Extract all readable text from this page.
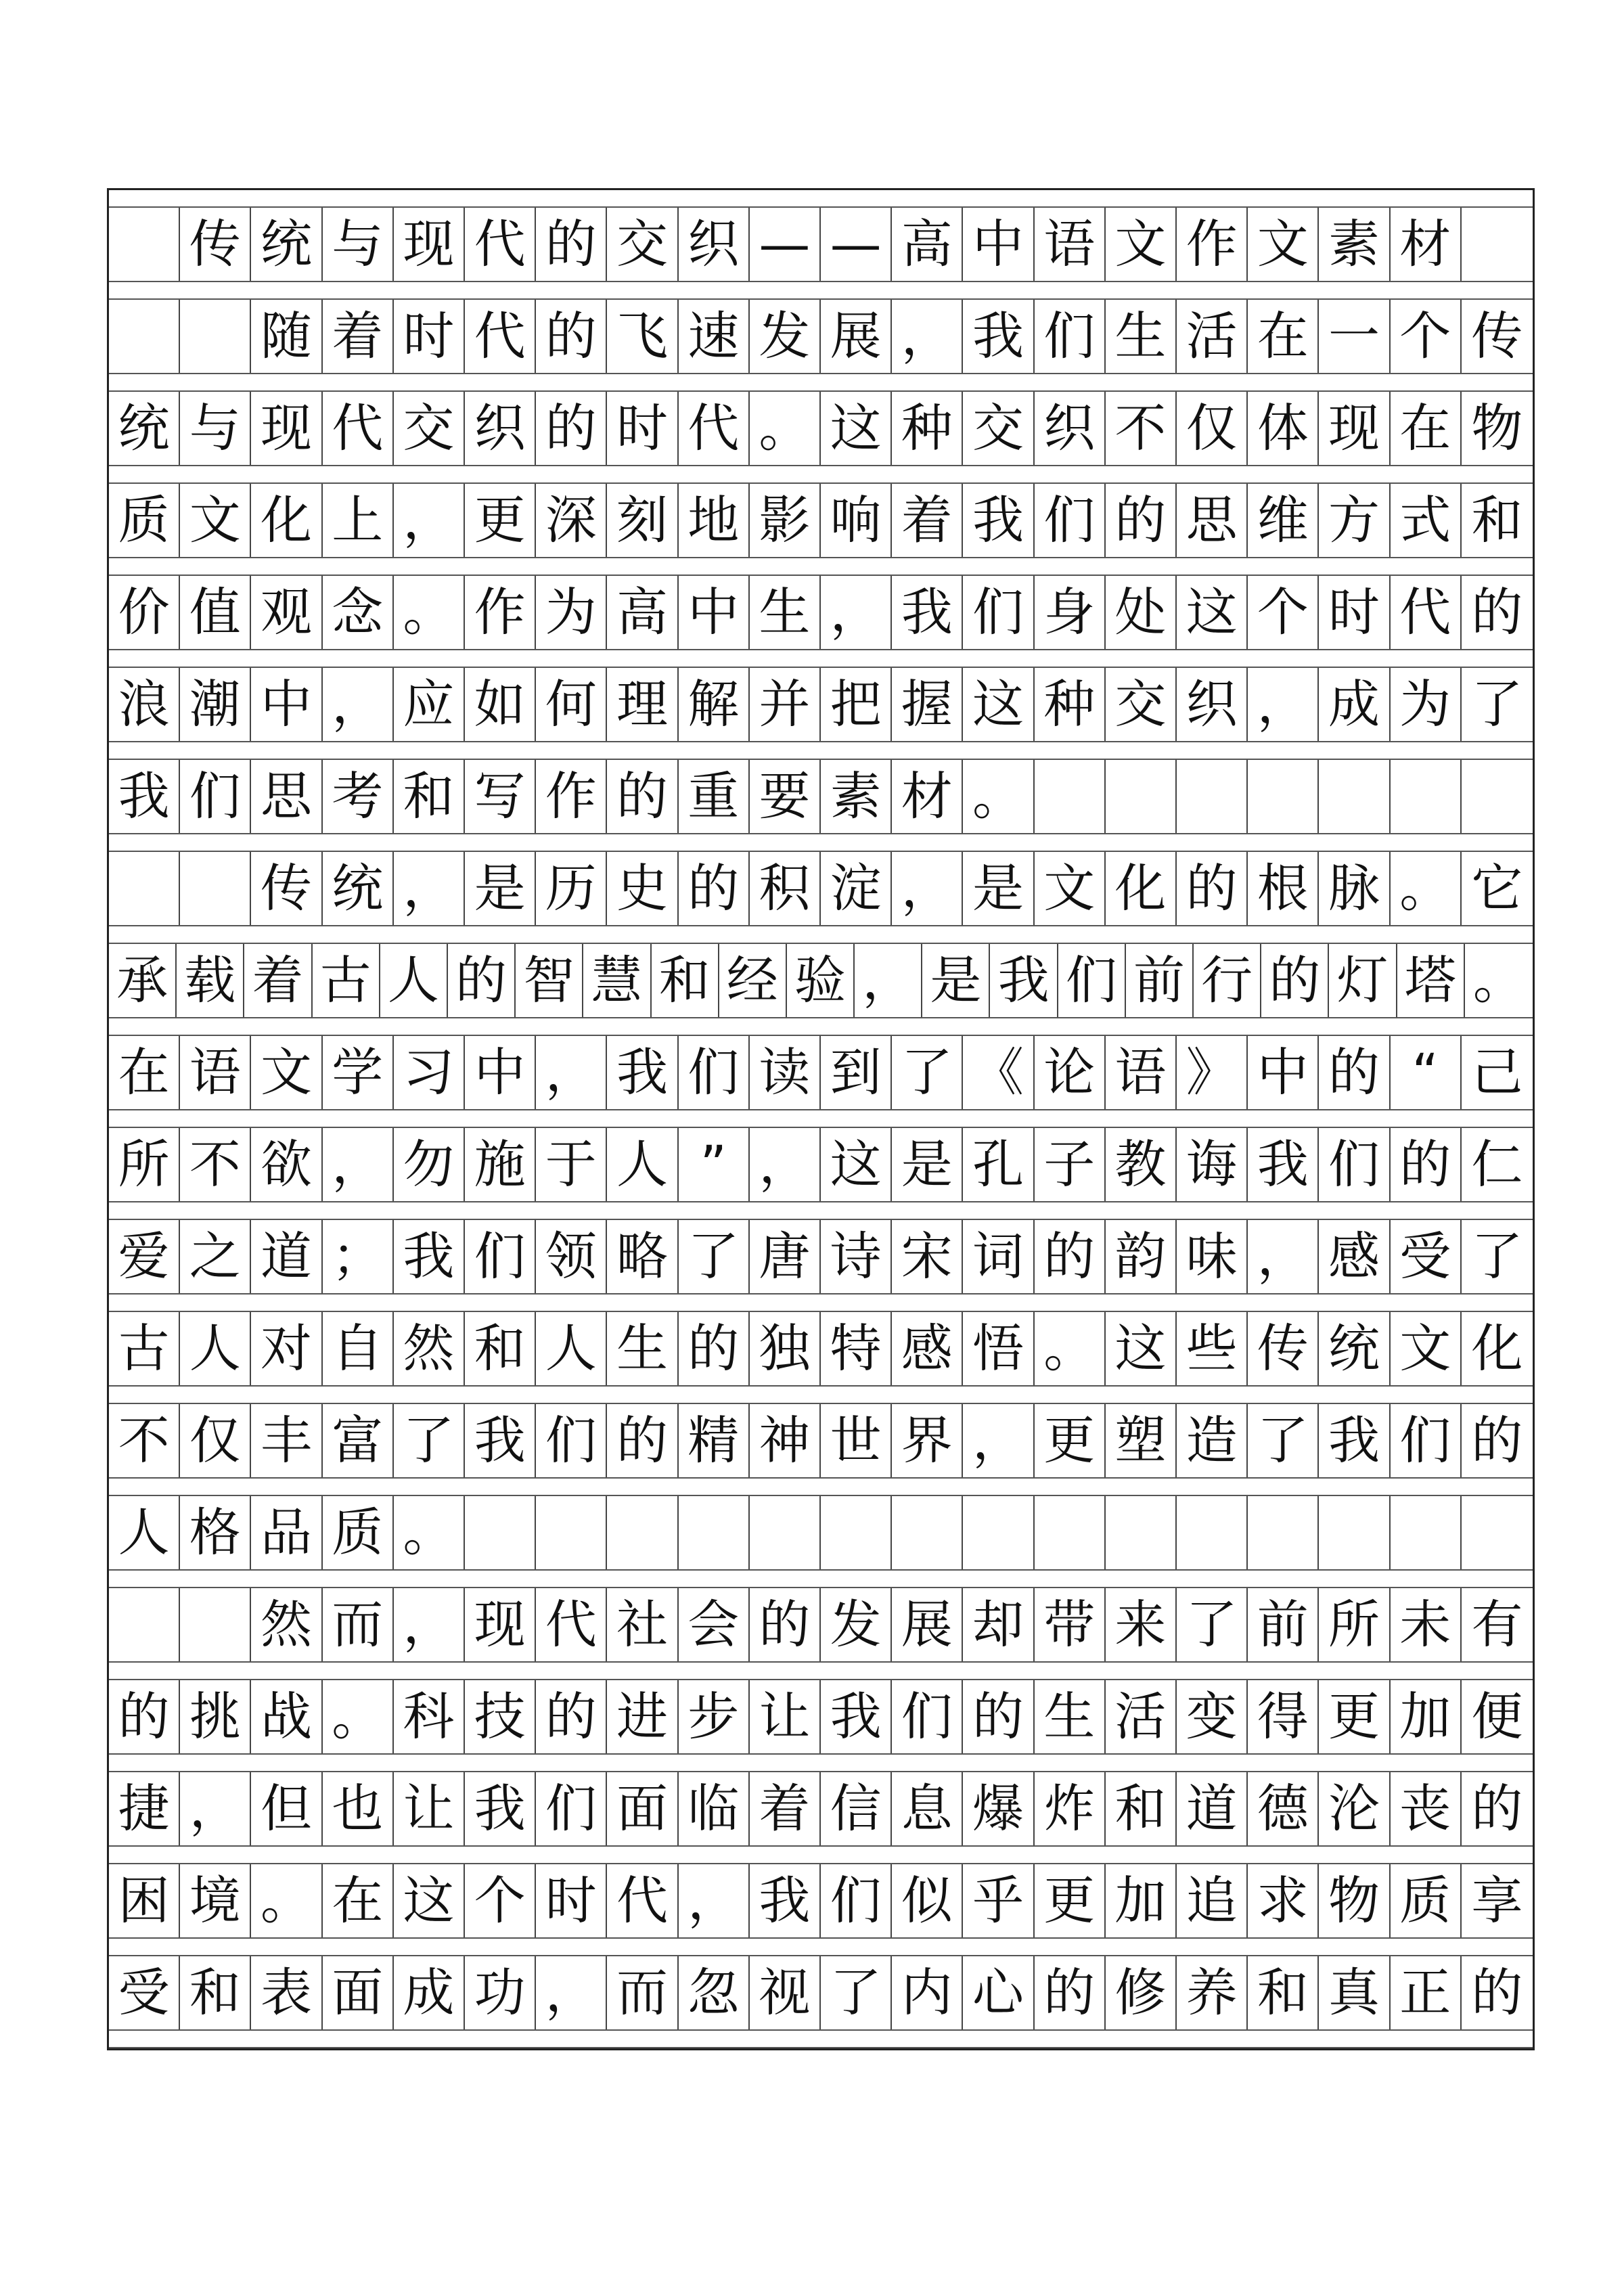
传 统 与 现 代 的 交 织 — — 高 中 语 文 作 文 素 材

随 着 时 代 的 飞 速 发 展 ， 我 们 生 活 在 一 个 传
统 与 现 代 交 织 的 时 代 。 这 种 交 织 不 仅 体 现 在 物
质 文 化 上 ， 更 深 刻 地 影 响 着 我 们 的 思 维 方 式 和
价 值 观 念 。 作 为 高 中 生 ， 我 们 身 处 这 个 时 代 的
浪 潮 中 ， 应 如 何 理 解 并 把 握 这 种 交 织 ， 成 为 了
我 们 思 考 和 写 作 的 重 要 素 材 。

传 统 ， 是 历 史 的 积 淀 ， 是 文 化 的 根 脉 。 它
承 载 着 古 人 的 智 慧 和 经 验 ， 是 我 们 前 行 的 灯 塔 。
在 语 文 学 习 中 ， 我 们 读 到 了 《 论 语 》 中 的 “ 己
所 不 欲 ， 勿 施 于 人 ” ， 这 是 孔 子 教 诲 我 们 的 仁
爱 之 道 ； 我 们 领 略 了 唐 诗 宋 词 的 韵 味 ， 感 受 了
古 人 对 自 然 和 人 生 的 独 特 感 悟 。 这 些 传 统 文 化
不 仅 丰 富 了 我 们 的 精 神 世 界 ， 更 塑 造 了 我 们 的
人 格 品 质 。

然 而 ， 现 代 社 会 的 发 展 却 带 来 了 前 所 未 有
的 挑 战 。 科 技 的 进 步 让 我 们 的 生 活 变 得 更 加 便
捷 ， 但 也 让 我 们 面 临 着 信 息 爆 炸 和 道 德 沦 丧 的
困 境 。 在 这 个 时 代 ， 我 们 似 乎 更 加 追 求 物 质 享
受 和 表 面 成 功 ， 而 忽 视 了 内 心 的 修 养 和 真 正 的
